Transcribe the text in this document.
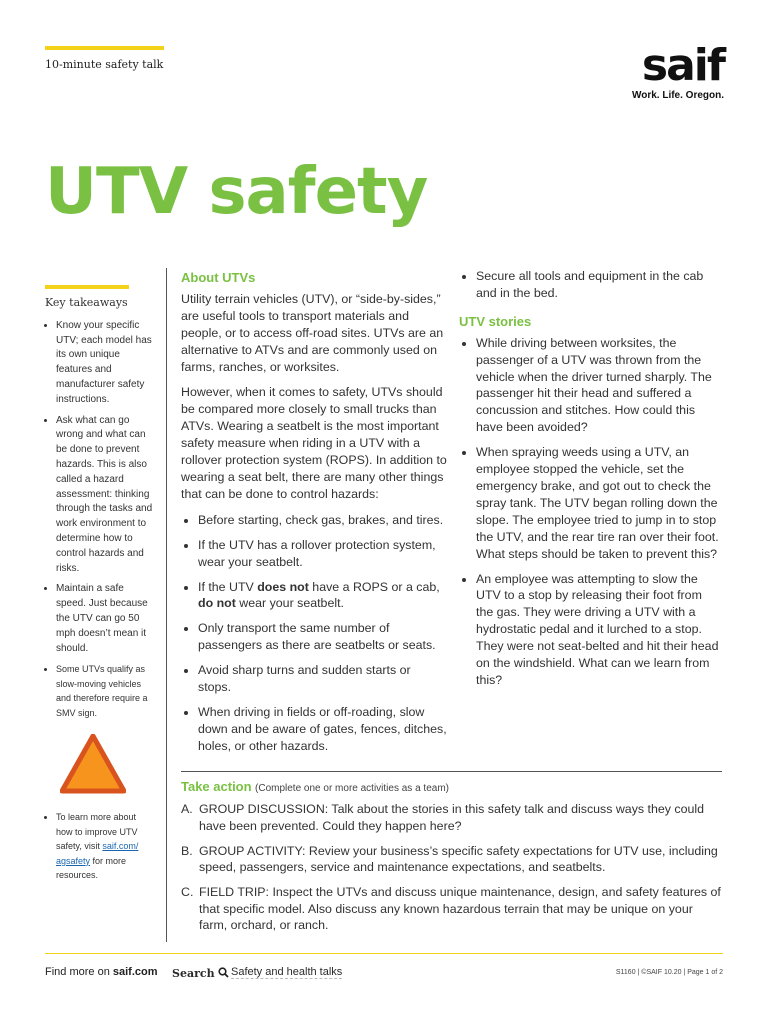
10-minute safety talk	saif
Work. Life. Oregon.
UTV safety
Key takeaways
• Know your specific UTV; each model has its own unique features and manufacturer safety instructions.
• Ask what can go wrong and what can be done to prevent hazards. This is also called a hazard assessment: thinking through the tasks and work environment to determine how to control hazards and risks.
• Maintain a safe speed. Just because the UTV can go 50 mph doesn’t mean it should.
• Some UTVs qualify as slow-moving vehicles and therefore require a SMV sign.
• To learn more about how to improve UTV safety, visit saif.com/ agsafety for more resources.
About UTVs

Utility terrain vehicles (UTV), or “side-by-sides,” are useful tools to transport materials and people, or to access off-road sites. UTVs are an alternative to ATVs and are commonly used on farms, ranches, or worksites.

However, when it comes to safety, UTVs should be compared more closely to small trucks than ATVs. Wearing a seatbelt is the most important safety measure when riding in a UTV with a rollover protection system (ROPS). In addition to wearing a seat belt, there are many other things that can be done to control hazards:

• Before starting, check gas, brakes, and tires.
• If the UTV has a rollover protection system, wear your seatbelt.
• If the UTV does not have a ROPS or a cab, do not wear your seatbelt.
• Only transport the same number of passengers as there are seatbelts or seats.
• Avoid sharp turns and sudden starts or stops.
• When driving in fields or off-roading, slow down and be aware of gates, fences, ditches, holes, or other hazards.
• Secure all tools and equipment in the cab and in the bed.
UTV stories
• While driving between worksites, the passenger of a UTV was thrown from the vehicle when the driver turned sharply. The passenger hit their head and suffered a concussion and stitches. How could this have been avoided?
• When spraying weeds using a UTV, an employee stopped the vehicle, set the emergency brake, and got out to check the spray tank. The UTV began rolling down the slope. The employee tried to jump in to stop the UTV, and the rear tire ran over their foot. What steps should be taken to prevent this?
• An employee was attempting to slow the UTV to a stop by releasing their foot from the gas. They were driving a UTV with a hydrostatic pedal and it lurched to a stop. They were not seat-belted and hit their head on the windshield. What can we learn from this?
Take action (Complete one or more activities as a team)
A. GROUP DISCUSSION: Talk about the stories in this safety talk and discuss ways they could have been prevented. Could they happen here?
B. GROUP ACTIVITY: Review your business’s specific safety expectations for UTV use, including speed, passengers, service and maintenance expectations, and seatbelts.
C. FIELD TRIP: Inspect the UTVs and discuss unique maintenance, design, and safety features of that specific model. Also discuss any known hazardous terrain that may be unique on your farm, orchard, or ranch.
Find more on saif.com Search	Safety and health talks	S1160 | ©SAIF 10.20 | Page 1 of 2
